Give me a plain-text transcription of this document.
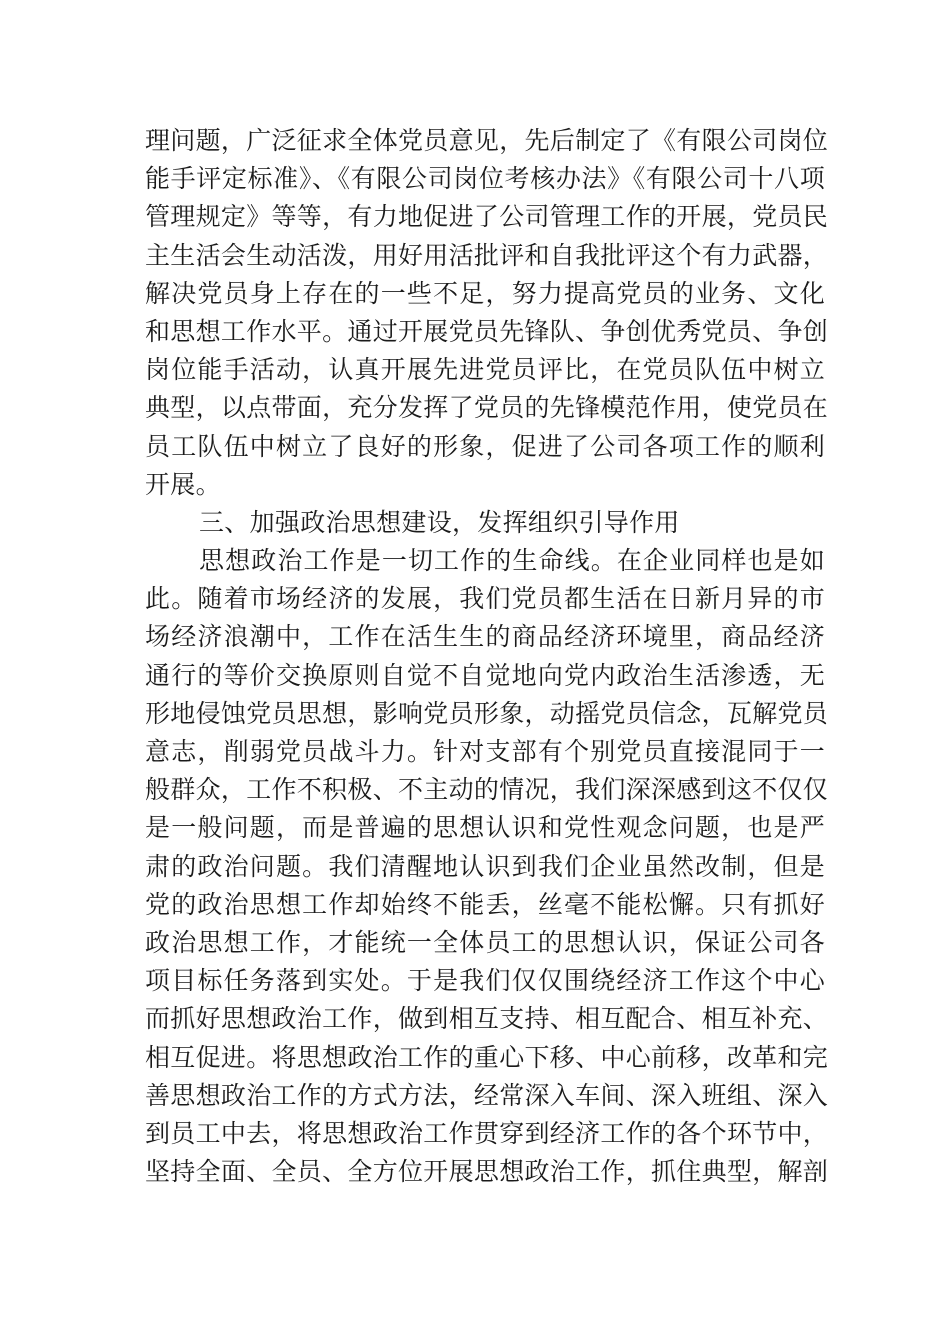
理问题，广泛征求全体党员意见，先后制定了《有限公司岗位
能手评定标准》、《有限公司岗位考核办法》《有限公司十八项
管理规定》等等，有力地促进了公司管理工作的开展，党员民
主生活会生动活泼，用好用活批评和自我批评这个有力武器，
解决党员身上存在的一些不足，努力提高党员的业务、文化
和思想工作水平。通过开展党员先锋队、争创优秀党员、争创
岗位能手活动，认真开展先进党员评比，在党员队伍中树立
典型，以点带面，充分发挥了党员的先锋模范作用，使党员在
员工队伍中树立了良好的形象，促进了公司各项工作的顺利
开展。
三、加强政治思想建设，发挥组织引导作用
思想政治工作是一切工作的生命线。在企业同样也是如
此。随着市场经济的发展，我们党员都生活在日新月异的市
场经济浪潮中，工作在活生生的商品经济环境里，商品经济
通行的等价交换原则自觉不自觉地向党内政治生活渗透，无
形地侵蚀党员思想，影响党员形象，动摇党员信念，瓦解党员
意志，削弱党员战斗力。针对支部有个别党员直接混同于一
般群众，工作不积极、不主动的情况，我们深深感到这不仅仅
是一般问题，而是普遍的思想认识和党性观念问题，也是严
肃的政治问题。我们清醒地认识到我们企业虽然改制，但是
党的政治思想工作却始终不能丢，丝毫不能松懈。只有抓好
政治思想工作，才能统一全体员工的思想认识，保证公司各
项目标任务落到实处。于是我们仅仅围绕经济工作这个中心
而抓好思想政治工作，做到相互支持、相互配合、相互补充、
相互促进。将思想政治工作的重心下移、中心前移，改革和完
善思想政治工作的方式方法，经常深入车间、深入班组、深入
到员工中去，将思想政治工作贯穿到经济工作的各个环节中，
坚持全面、全员、全方位开展思想政治工作，抓住典型，解剖
